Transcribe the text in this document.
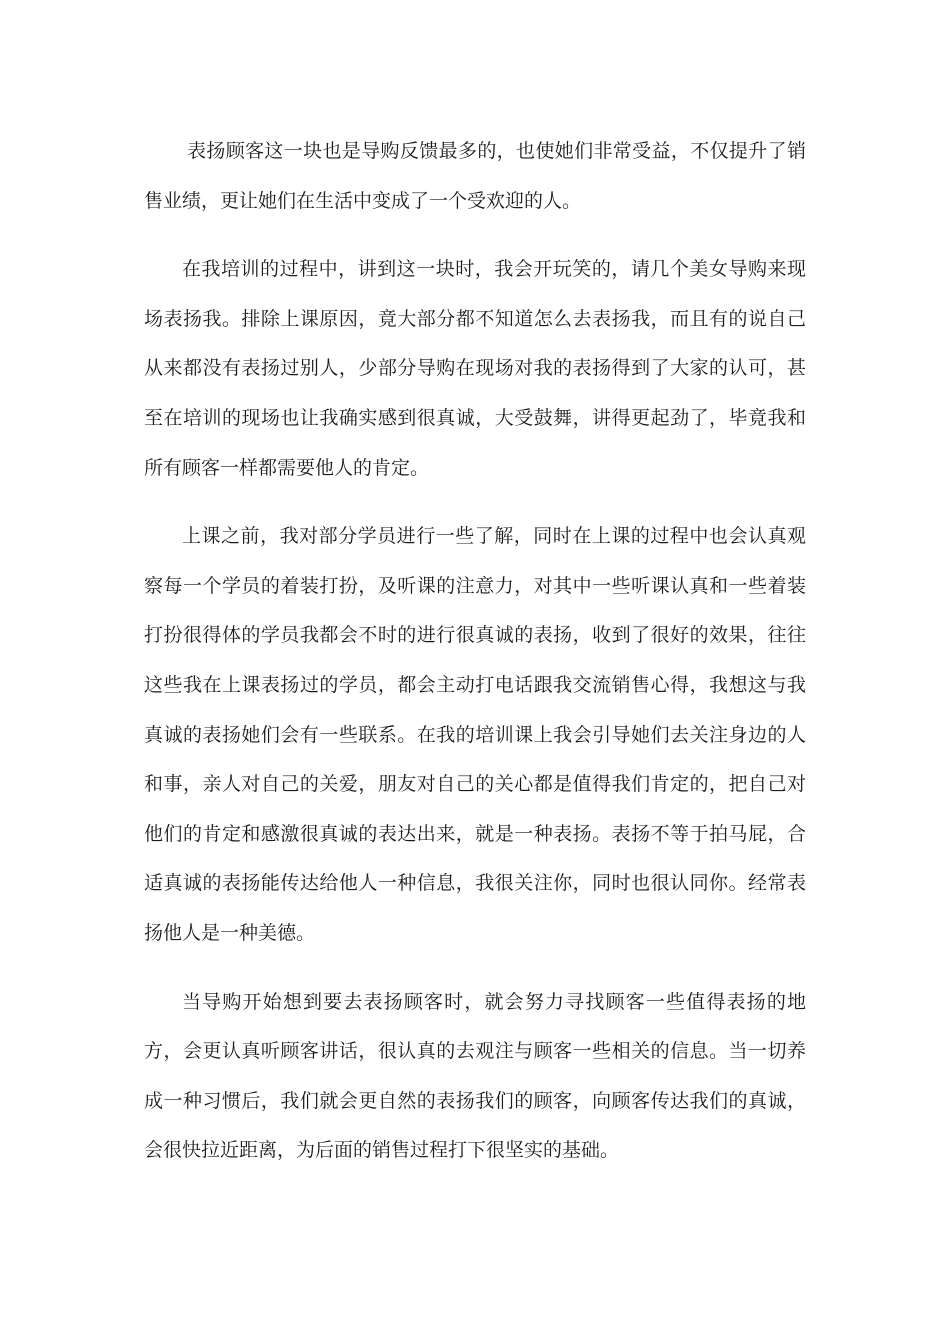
表扬顾客这一块也是导购反馈最多的，也使她们非常受益，不仅提升了销售业绩，更让她们在生活中变成了一个受欢迎的人。

在我培训的过程中，讲到这一块时，我会开玩笑的，请几个美女导购来现场表扬我。排除上课原因，竟大部分都不知道怎么去表扬我，而且有的说自己从来都没有表扬过别人，少部分导购在现场对我的表扬得到了大家的认可，甚至在培训的现场也让我确实感到很真诚，大受鼓舞，讲得更起劲了，毕竟我和所有顾客一样都需要他人的肯定。

上课之前，我对部分学员进行一些了解，同时在上课的过程中也会认真观察每一个学员的着装打扮，及听课的注意力，对其中一些听课认真和一些着装打扮很得体的学员我都会不时的进行很真诚的表扬，收到了很好的效果，往往这些我在上课表扬过的学员，都会主动打电话跟我交流销售心得，我想这与我真诚的表扬她们会有一些联系。在我的培训课上我会引导她们去关注身边的人和事，亲人对自己的关爱，朋友对自己的关心都是值得我们肯定的，把自己对他们的肯定和感激很真诚的表达出来，就是一种表扬。表扬不等于拍马屁，合适真诚的表扬能传达给他人一种信息，我很关注你，同时也很认同你。经常表扬他人是一种美德。

当导购开始想到要去表扬顾客时，就会努力寻找顾客一些值得表扬的地方，会更认真听顾客讲话，很认真的去观注与顾客一些相关的信息。当一切养成一种习惯后，我们就会更自然的表扬我们的顾客，向顾客传达我们的真诚，会很快拉近距离，为后面的销售过程打下很坚实的基础。
